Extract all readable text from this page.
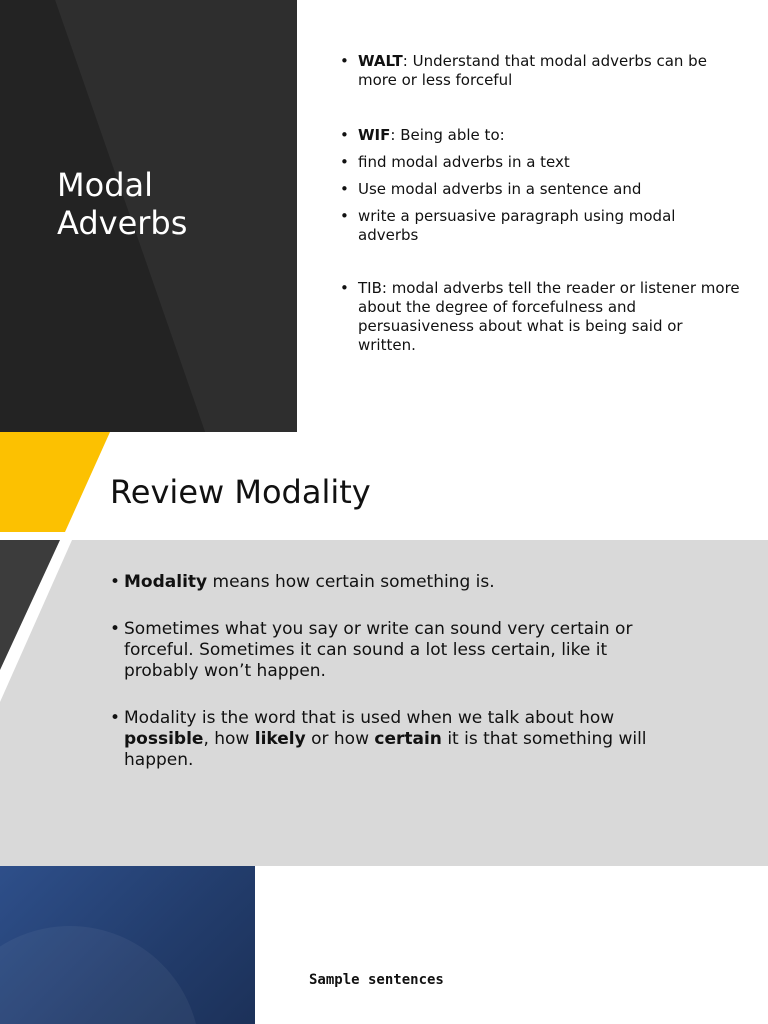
Modal
Adverbs
• WALT: Understand that modal adverbs can be more or less forceful
• WIF: Being able to:
• find modal adverbs in a text
• Use modal adverbs in a sentence and
• write a persuasive paragraph using modal adverbs
• TIB: modal adverbs tell the reader or listener more about the degree of forcefulness and persuasiveness about what is being said or written.
Review Modality
• Modality means how certain something is.
• Sometimes what you say or write can sound very certain or forceful. Sometimes it can sound a lot less certain, like it probably won’t happen.
• Modality is the word that is used when we talk about how possible, how likely or how certain it is that something will happen.
Sample sentences
